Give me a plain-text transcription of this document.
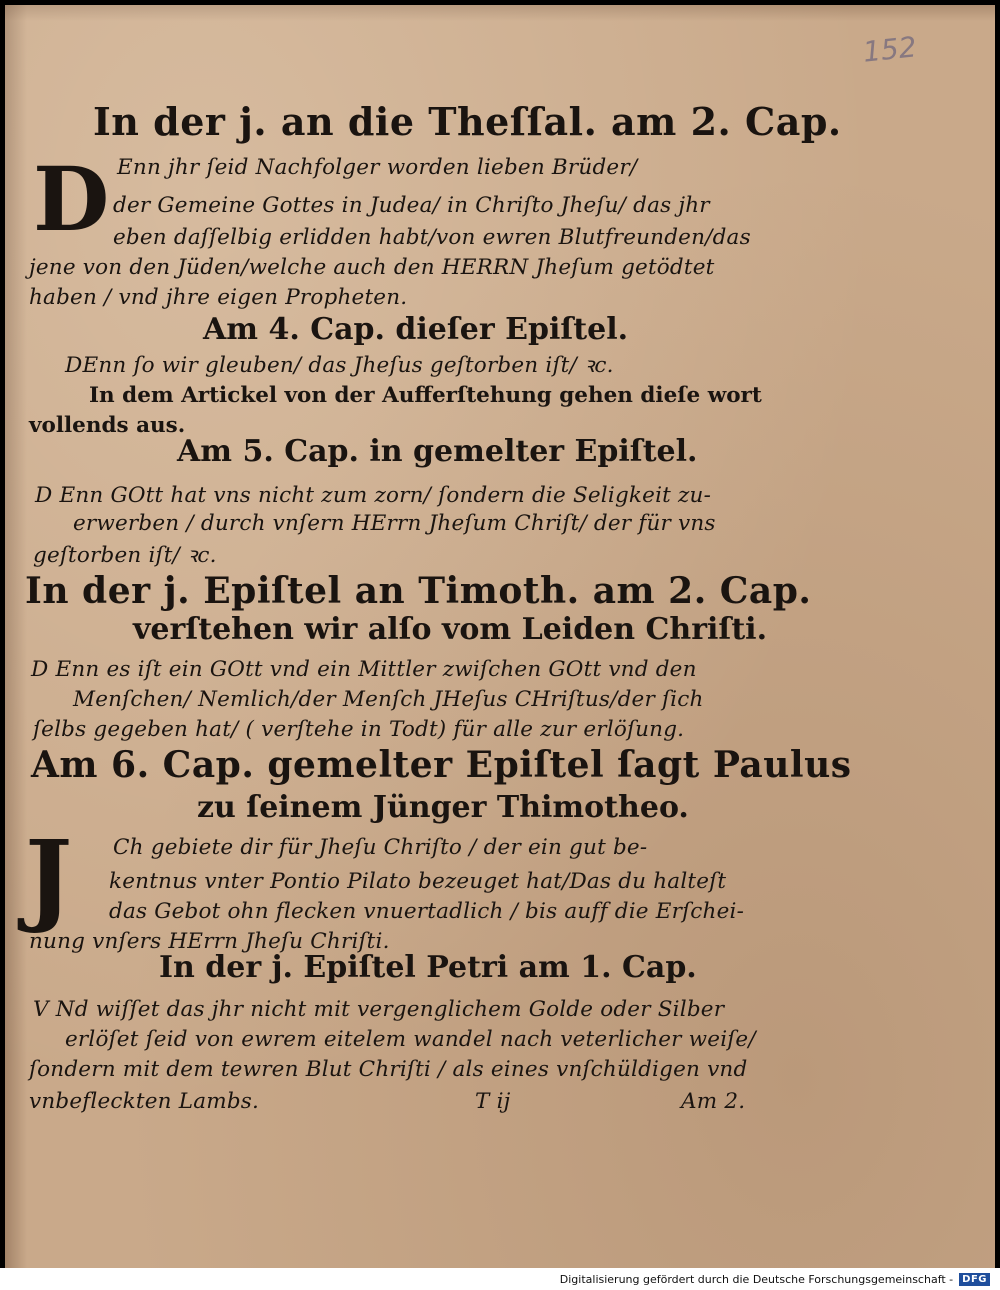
152

In der j. an die Theſſal. am 2. Cap.

D Enn jhr ſeid Nachfolger worden lieben Brüder/

der Gemeine Gottes in Judea/ in Chriſto Jheſu/ das jhr

eben daſſelbig erlidden habt/von ewren Blutfreunden/das

jene von den Jüden/welche auch den HERRN Jheſum getödtet

haben / vnd jhre eigen Propheten.

Am 4. Cap. dieſer Epiſtel.

DEnn ſo wir gleuben/ das Jheſus geſtorben iſt/ ꝛc.

In dem Artickel von der Aufferſtehung gehen dieſe wort

vollends aus.

Am 5. Cap. in gemelter Epiſtel.

D Enn GOtt hat vns nicht zum zorn/ ſondern die Seligkeit zu-

erwerben / durch vnſern HErrn Jheſum Chriſt/ der für vns

geſtorben iſt/ ꝛc.

In der j. Epiſtel an Timoth. am 2. Cap.

verſtehen wir alſo vom Leiden Chriſti.

D Enn es iſt ein GOtt vnd ein Mittler zwiſchen GOtt vnd den

Menſchen/ Nemlich/der Menſch JHeſus CHriſtus/der ſich

ſelbs gegeben hat/ ( verſtehe in Todt) für alle zur erlöſung.

Am 6. Cap. gemelter Epiſtel ſagt Paulus

zu ſeinem Jünger Thimotheo.

J Ch gebiete dir für Jheſu Chriſto / der ein gut be-

kentnus vnter Pontio Pilato bezeuget hat/Das du halteſt

das Gebot ohn flecken vnuertadlich / bis auff die Erſchei-

nung vnſers HErrn Jheſu Chriſti.

In der j. Epiſtel Petri am 1. Cap.

V Nd wiſſet das jhr nicht mit vergenglichem Golde oder Silber

erlöſet ſeid von ewrem eitelem wandel nach veterlicher weiſe/

ſondern mit dem tewren Blut Chriſti / als eines vnſchüldigen vnd

vnbefleckten Lambs.	T ij	Am 2.

Digitalisierung gefördert durch die Deutsche Forschungsgemeinschaft - DFG
